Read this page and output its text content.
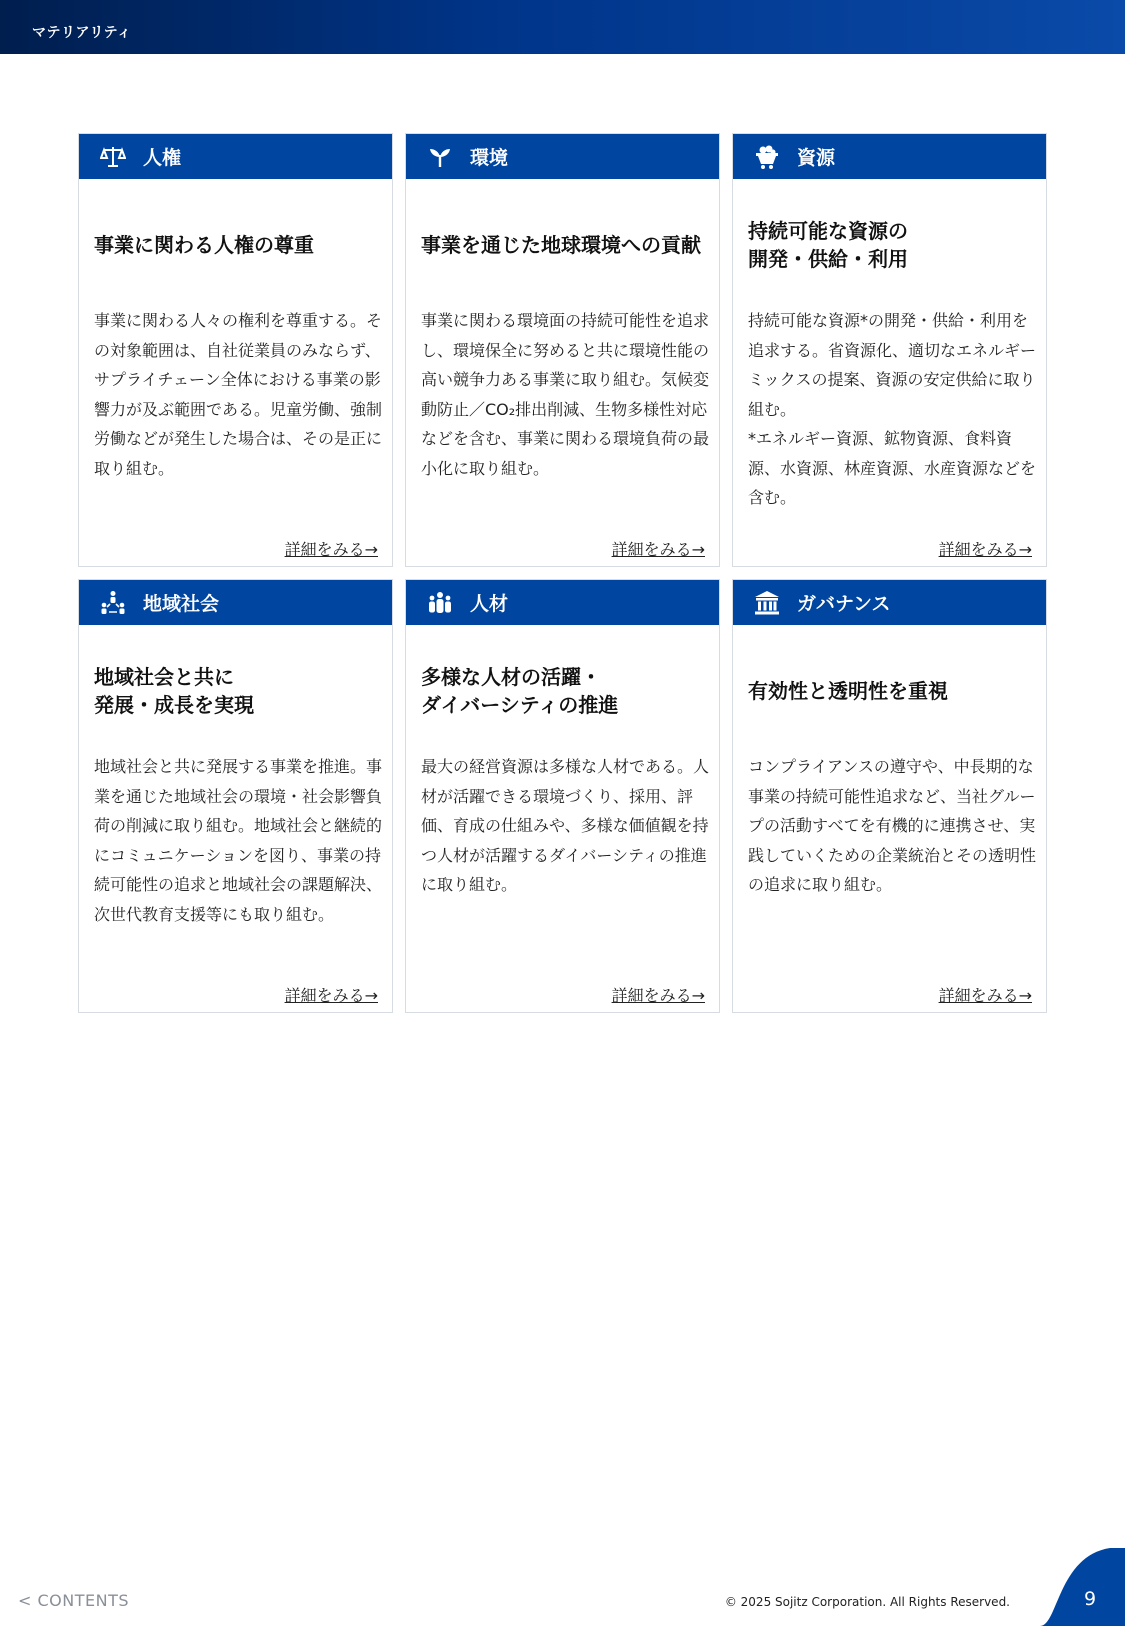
マテリアリティ
人権
事業に関わる人権の尊重
事業に関わる人々の権利を尊重する。その対象範囲は、自社従業員のみならず、サプライチェーン全体における事業の影響力が及ぶ範囲である。児童労働、強制労働などが発生した場合は、その是正に取り組む。
詳細をみる→
環境
事業を通じた地球環境への貢献
事業に関わる環境面の持続可能性を追求し、環境保全に努めると共に環境性能の高い競争力ある事業に取り組む。気候変動防止／CO₂排出削減、生物多様性対応などを含む、事業に関わる環境負荷の最小化に取り組む。
詳細をみる→
資源
持続可能な資源の
開発・供給・利用
持続可能な資源*の開発・供給・利用を追求する。省資源化、適切なエネルギーミックスの提案、資源の安定供給に取り組む。
*エネルギー資源、鉱物資源、食料資源、水資源、林産資源、水産資源などを含む。
詳細をみる→
地域社会
地域社会と共に
発展・成長を実現
地域社会と共に発展する事業を推進。事業を通じた地域社会の環境・社会影響負荷の削減に取り組む。地域社会と継続的にコミュニケーションを図り、事業の持続可能性の追求と地域社会の課題解決、次世代教育支援等にも取り組む。
詳細をみる→
人材
多様な人材の活躍・
ダイバーシティの推進
最大の経営資源は多様な人材である。人材が活躍できる環境づくり、採用、評価、育成の仕組みや、多様な価値観を持つ人材が活躍するダイバーシティの推進に取り組む。
詳細をみる→
ガバナンス
有効性と透明性を重視
コンプライアンスの遵守や、中長期的な事業の持続可能性追求など、当社グループの活動すべてを有機的に連携させ、実践していくための企業統治とその透明性の追求に取り組む。
詳細をみる→
< CONTENTS	© 2025 Sojitz Corporation. All Rights Reserved.	9
